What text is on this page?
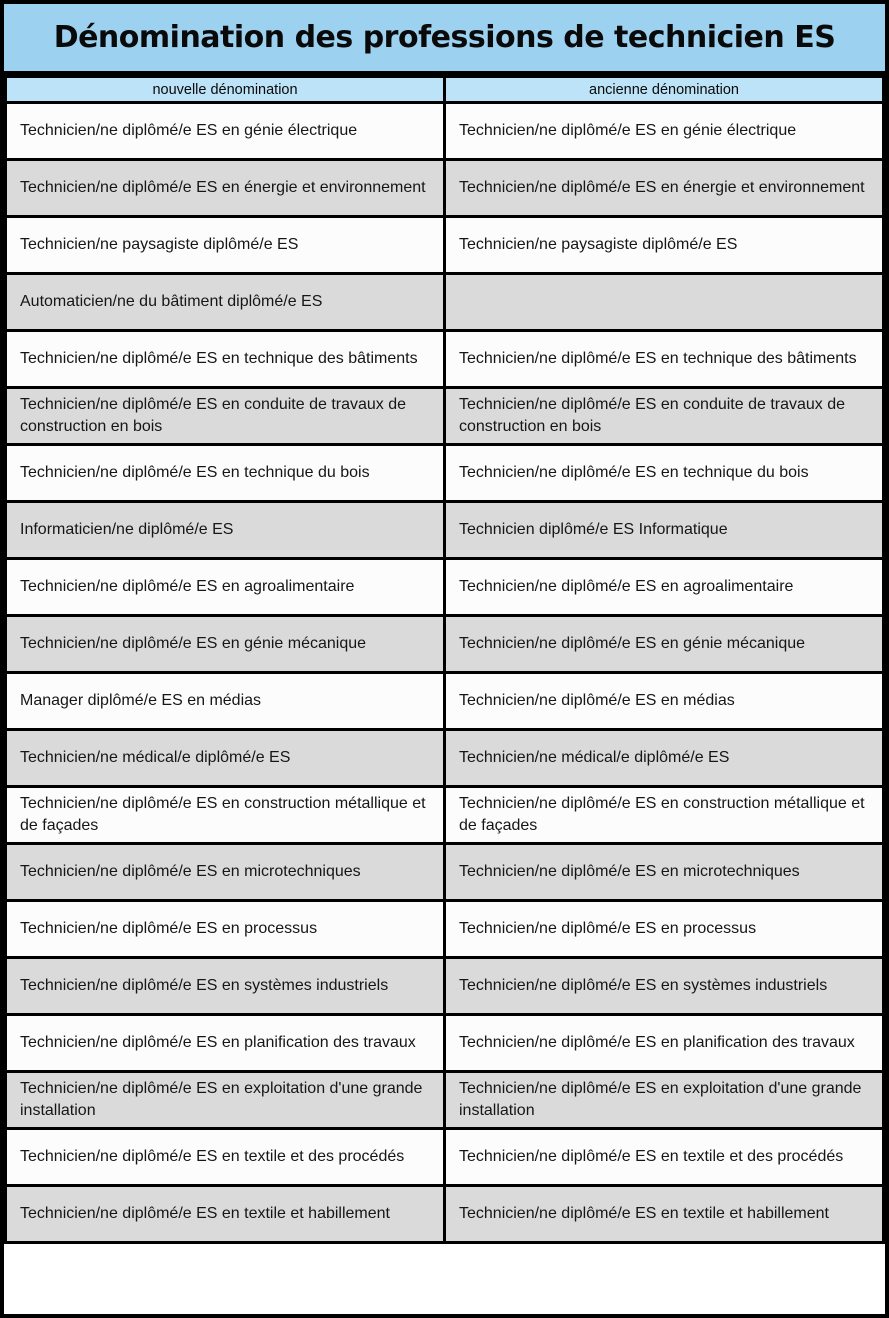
Dénomination des professions de technicien ES
nouvelle dénomination	ancienne dénomination
Technicien/ne diplômé/e ES en génie électrique	Technicien/ne diplômé/e ES en génie électrique
Technicien/ne diplômé/e ES en énergie et environnement	Technicien/ne diplômé/e ES en énergie et environnement
Technicien/ne paysagiste diplômé/e ES	Technicien/ne paysagiste diplômé/e ES
Automaticien/ne du bâtiment diplômé/e ES	
Technicien/ne diplômé/e ES en technique des bâtiments	Technicien/ne diplômé/e ES en technique des bâtiments
Technicien/ne diplômé/e ES en conduite de travaux de construction en bois	Technicien/ne diplômé/e ES en conduite de travaux de construction en bois
Technicien/ne diplômé/e ES en technique du bois	Technicien/ne diplômé/e ES en technique du bois
Informaticien/ne diplômé/e ES	Technicien diplômé/e ES Informatique
Technicien/ne diplômé/e ES en agroalimentaire	Technicien/ne diplômé/e ES en agroalimentaire
Technicien/ne diplômé/e ES en génie mécanique	Technicien/ne diplômé/e ES en génie mécanique
Manager diplômé/e ES en médias	Technicien/ne diplômé/e ES en médias
Technicien/ne médical/e diplômé/e ES	Technicien/ne médical/e diplômé/e ES
Technicien/ne diplômé/e ES en construction métallique et de façades	Technicien/ne diplômé/e ES en construction métallique et de façades
Technicien/ne diplômé/e ES en microtechniques	Technicien/ne diplômé/e ES en microtechniques
Technicien/ne diplômé/e ES en processus	Technicien/ne diplômé/e ES en processus
Technicien/ne diplômé/e ES en systèmes industriels	Technicien/ne diplômé/e ES en systèmes industriels
Technicien/ne diplômé/e ES en planification des travaux	Technicien/ne diplômé/e ES en planification des travaux
Technicien/ne diplômé/e ES en exploitation d'une grande installation	Technicien/ne diplômé/e ES en exploitation d'une grande installation
Technicien/ne diplômé/e ES en textile et des procédés	Technicien/ne diplômé/e ES en textile et des procédés
Technicien/ne diplômé/e ES en textile et habillement	Technicien/ne diplômé/e ES en textile et habillement
